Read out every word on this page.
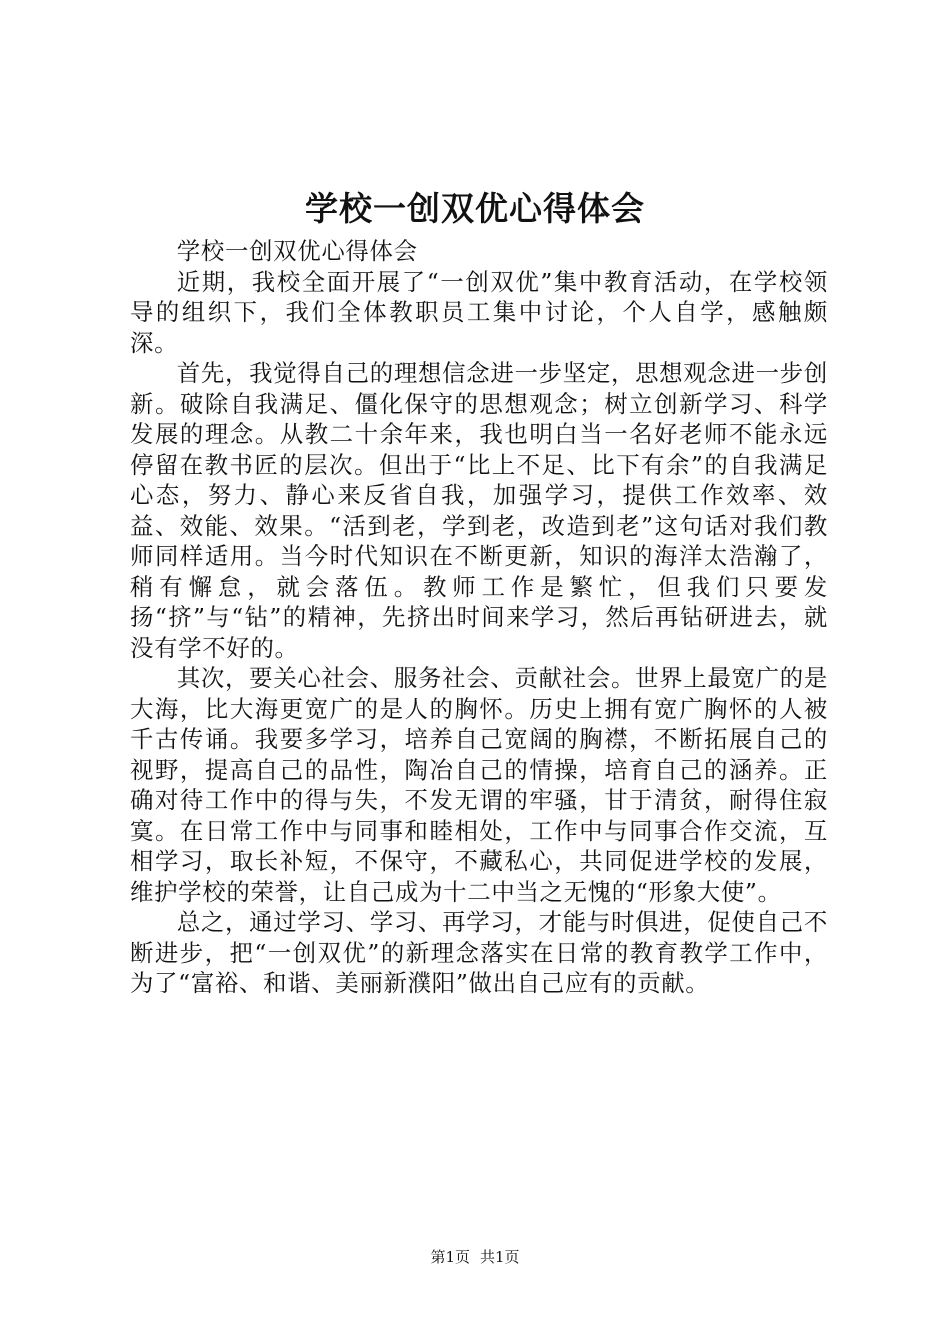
学校一创双优心得体会

学校一创双优心得体会

近期，我校全面开展了“一创双优”集中教育活动，在学校领导的组织下，我们全体教职员工集中讨论，个人自学，感触颇深。

首先，我觉得自己的理想信念进一步坚定，思想观念进一步创新。破除自我满足、僵化保守的思想观念；树立创新学习、科学发展的理念。从教二十余年来，我也明白当一名好老师不能永远停留在教书匠的层次。但出于“比上不足、比下有余”的自我满足心态，努力、静心来反省自我，加强学习，提供工作效率、效益、效能、效果。“活到老，学到老，改造到老”这句话对我们教师同样适用。当今时代知识在不断更新，知识的海洋太浩瀚了，稍有懈怠，就会落伍。教师工作是繁忙，但我们只要发扬“挤”与“钻”的精神，先挤出时间来学习，然后再钻研进去，就没有学不好的。

其次，要关心社会、服务社会、贡献社会。世界上最宽广的是大海，比大海更宽广的是人的胸怀。历史上拥有宽广胸怀的人被千古传诵。我要多学习，培养自己宽阔的胸襟，不断拓展自己的视野，提高自己的品性，陶冶自己的情操，培育自己的涵养。正确对待工作中的得与失，不发无谓的牢骚，甘于清贫，耐得住寂寞。在日常工作中与同事和睦相处，工作中与同事合作交流，互相学习，取长补短，不保守，不藏私心，共同促进学校的发展，维护学校的荣誉，让自己成为十二中当之无愧的“形象大使”。

总之，通过学习、学习、再学习，才能与时俱进，促使自己不断进步，把“一创双优”的新理念落实在日常的教育教学工作中，为了“富裕、和谐、美丽新濮阳”做出自己应有的贡献。

第1页 共1页
